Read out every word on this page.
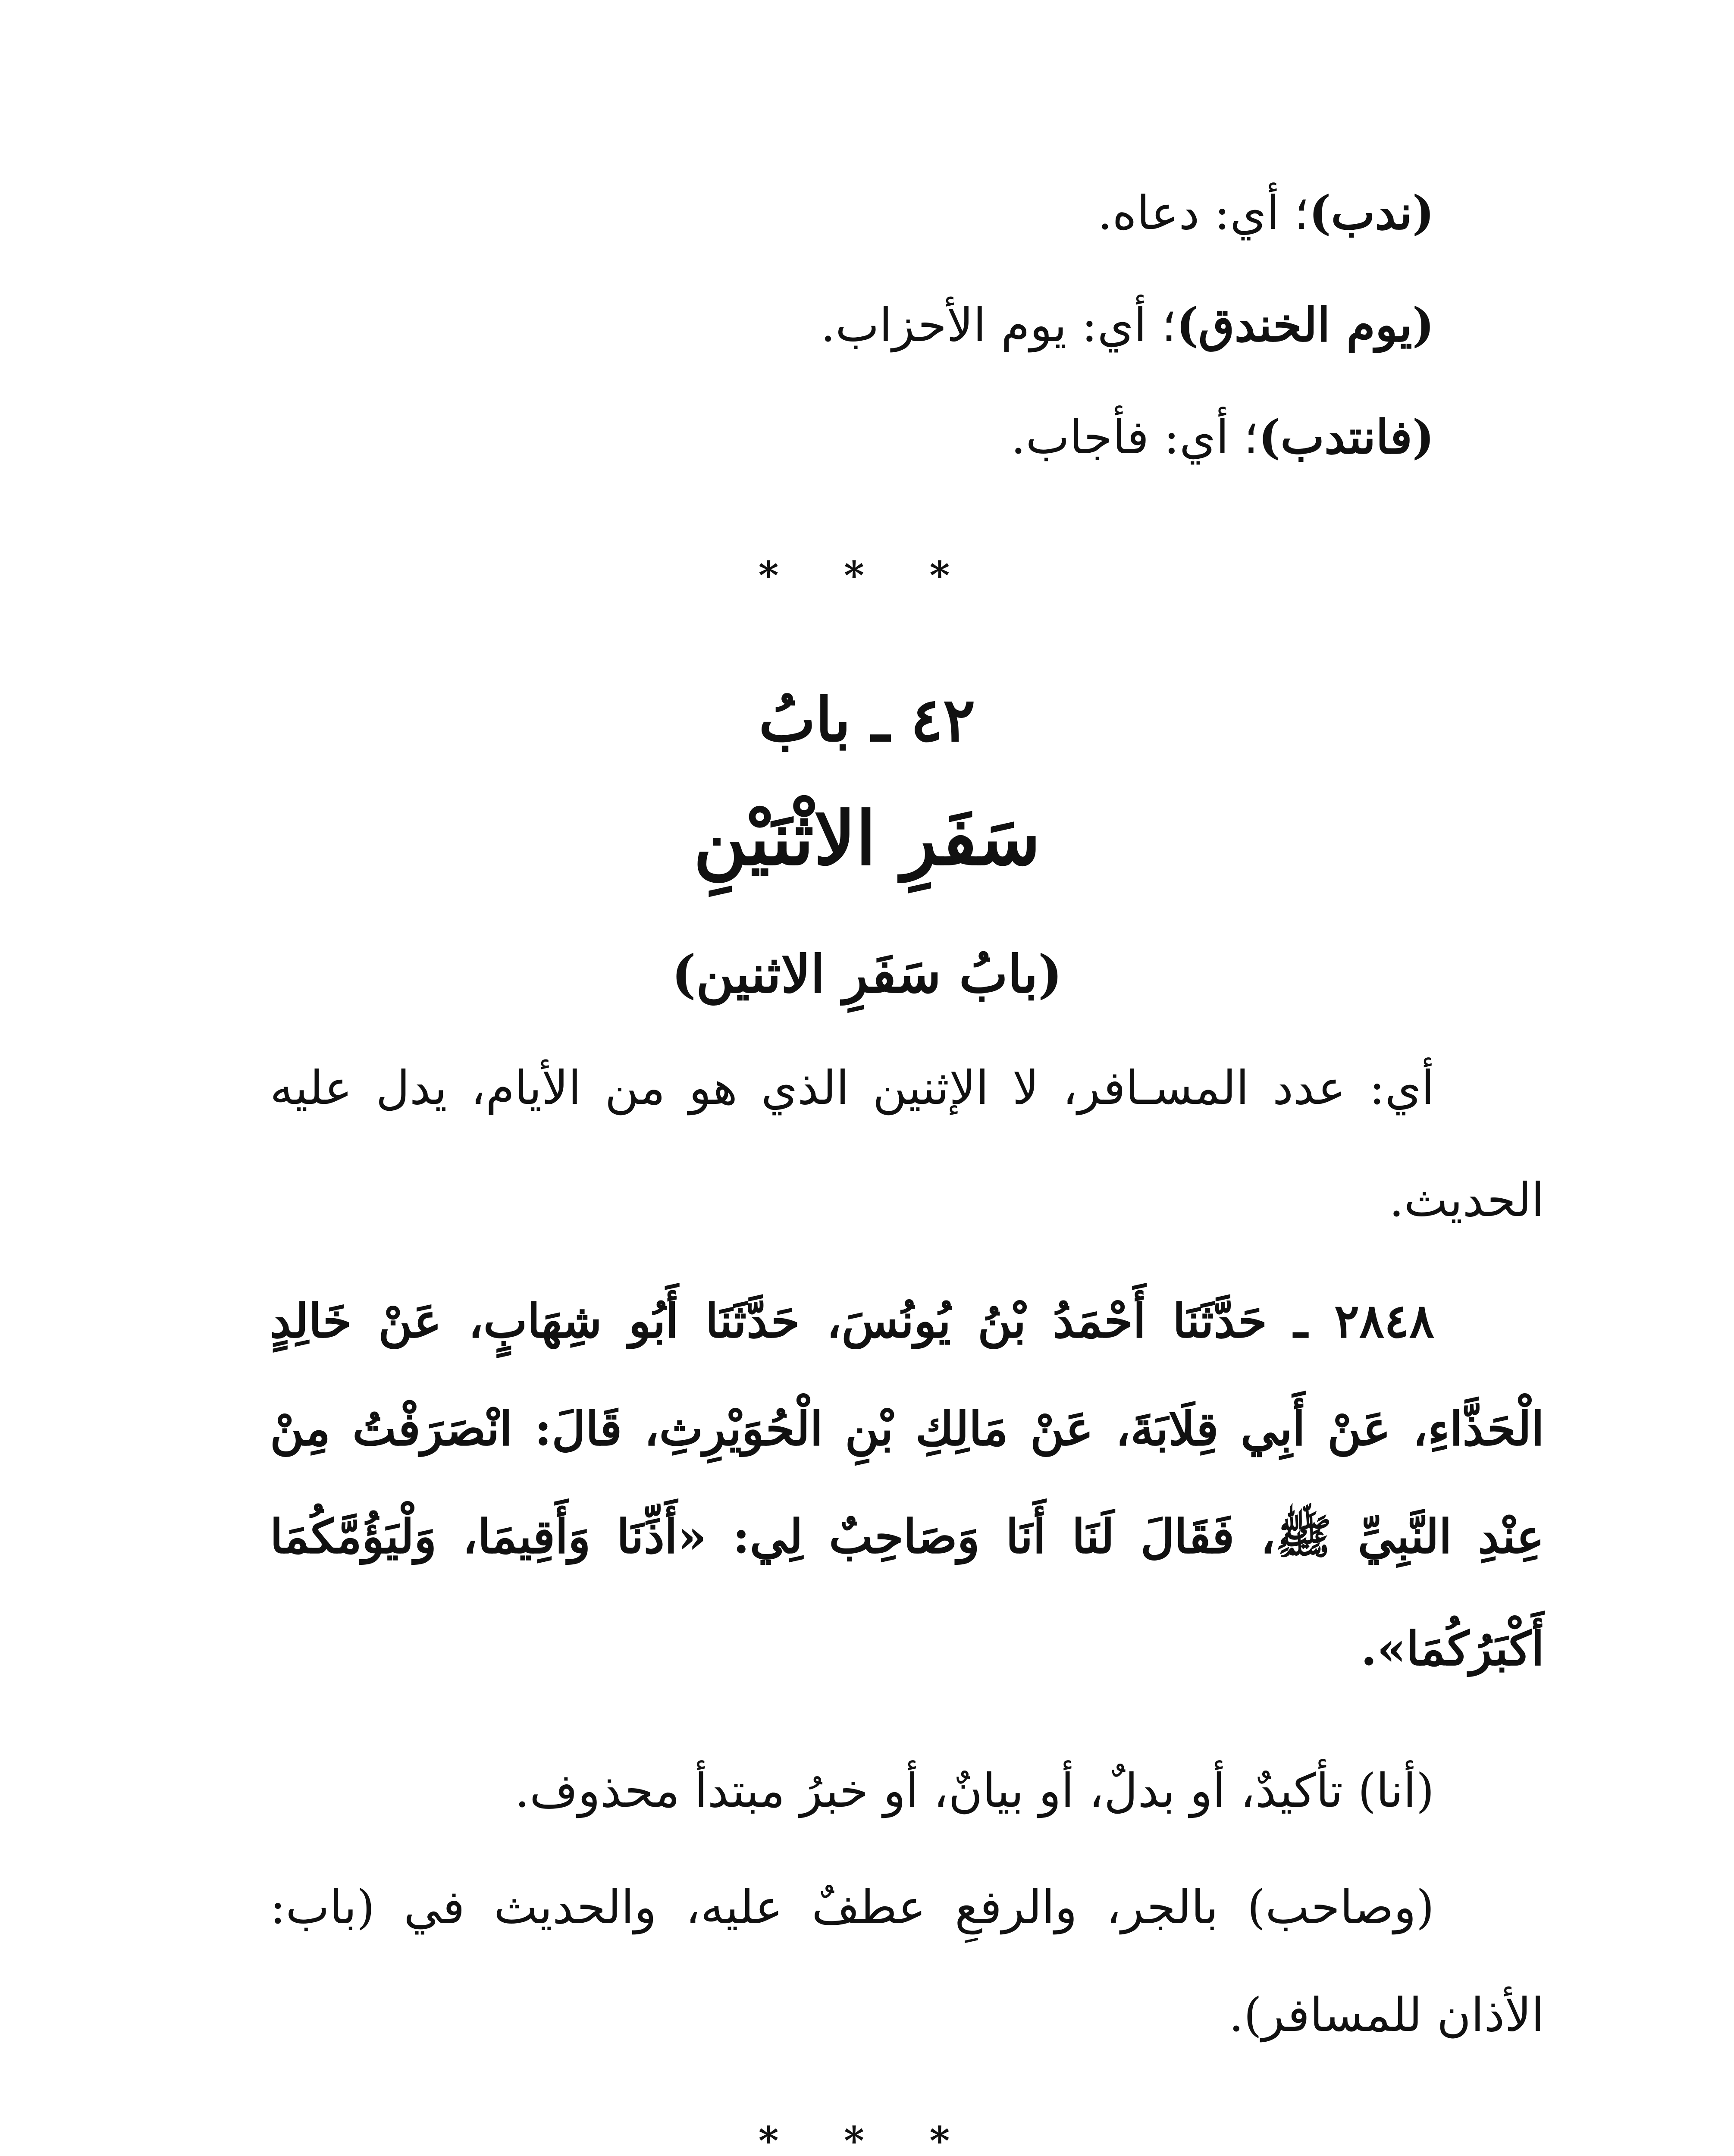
(ندب)؛ أي: دعاه.
(يوم الخندق)؛ أي: يوم الأحزاب.
(فانتدب)؛ أي: فأجاب.
* * *
٤٢ ـ بابُ
سَفَرِ الاثْنَيْنِ
(بابُ سَفَرِ الاثنين)
أي: عدد المسـافر، لا الإثنين الذي هو من الأيام، يدل عليه
الحديث.
٢٨٤٨ ـ حَدَّثَنَا أَحْمَدُ بْنُ يُونُسَ، حَدَّثَنَا أَبُو شِهَابٍ، عَنْ خَالِدٍ
الْحَذَّاءِ، عَنْ أَبِي قِلَابَةَ، عَنْ مَالِكِ بْنِ الْحُوَيْرِثِ، قَالَ: انْصَرَفْتُ مِنْ
عِنْدِ النَّبِيِّ ﷺ، فَقَالَ لَنَا أَنَا وَصَاحِبٌ لِي: «أَذِّنَا وَأَقِيمَا، وَلْيَؤُمَّكُمَا
أَكْبَرُكُمَا».
(أنا) تأكيدٌ، أو بدلٌ، أو بيانٌ، أو خبرُ مبتدأ محذوف.
(وصاحب) بالجر، والرفعِ عطفٌ عليه، والحديث في (باب:
الأذان للمسافر).
* * *
